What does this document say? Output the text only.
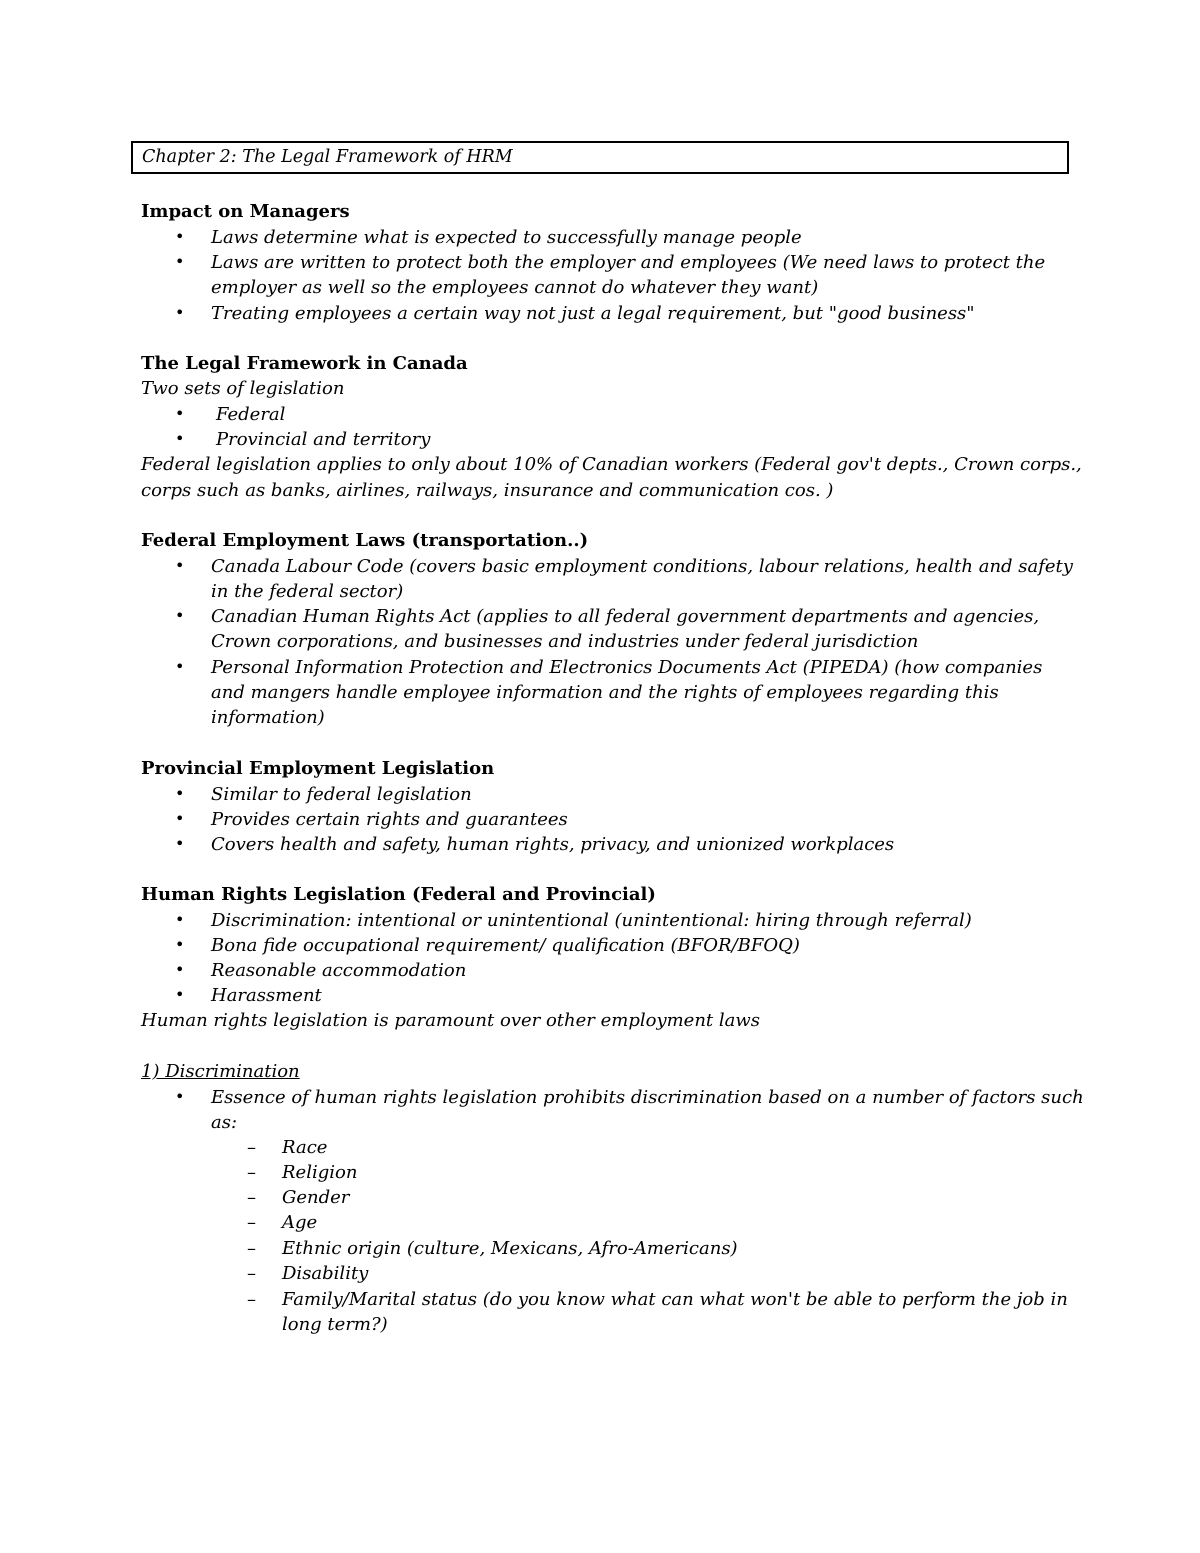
Chapter 2: The Legal Framework of HRM
Impact on Managers
• Laws determine what is expected to successfully manage people
• Laws are written to protect both the employer and employees (We need laws to protect the
employer as well so the employees cannot do whatever they want)
• Treating employees a certain way not just a legal requirement, but "good business"
The Legal Framework in Canada
Two sets of legislation
• Federal
• Provincial and territory
Federal legislation applies to only about 10% of Canadian workers (Federal gov't depts., Crown corps.,
corps such as banks, airlines, railways, insurance and communication cos. )
Federal Employment Laws (transportation..)
• Canada Labour Code (covers basic employment conditions, labour relations, health and safety
in the federal sector)
• Canadian Human Rights Act (applies to all federal government departments and agencies,
Crown corporations, and businesses and industries under federal jurisdiction
• Personal Information Protection and Electronics Documents Act (PIPEDA) (how companies
and mangers handle employee information and the rights of employees regarding this
information)
Provincial Employment Legislation
• Similar to federal legislation
• Provides certain rights and guarantees
• Covers health and safety, human rights, privacy, and unionized workplaces
Human Rights Legislation (Federal and Provincial)
• Discrimination: intentional or unintentional (unintentional: hiring through referral)
• Bona fide occupational requirement/ qualification (BFOR/BFOQ)
• Reasonable accommodation
• Harassment
Human rights legislation is paramount over other employment laws
1) Discrimination
• Essence of human rights legislation prohibits discrimination based on a number of factors such
as:
– Race
– Religion
– Gender
– Age
– Ethnic origin (culture, Mexicans, Afro-Americans)
– Disability
– Family/Marital status (do you know what can what won't be able to perform the job in
long term?)
